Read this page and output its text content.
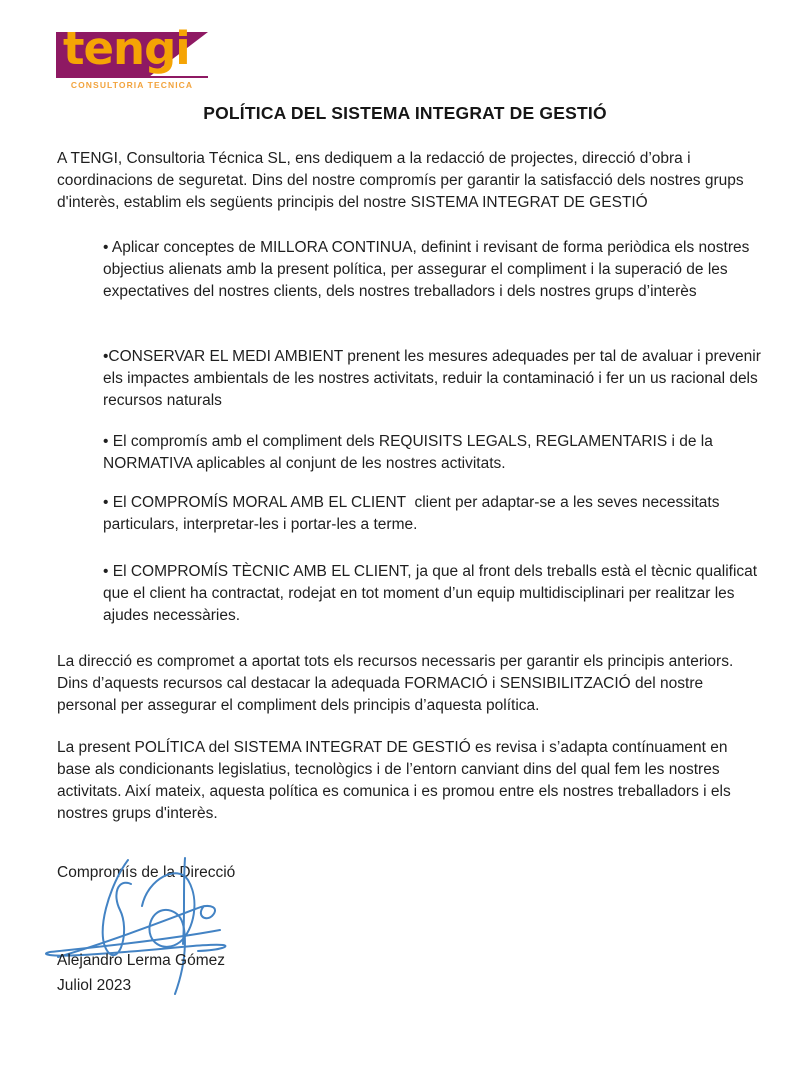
tengi
CONSULTORIA TECNICA
POLÍTICA DEL SISTEMA INTEGRAT DE GESTIÓ

A TENGI, Consultoria Técnica SL, ens dediquem a la redacció de projectes, direcció d’obra i coordinacions de seguretat. Dins del nostre compromís per garantir la satisfacció dels nostres grups d'interès, establim els següents principis del nostre SISTEMA INTEGRAT DE GESTIÓ

• Aplicar conceptes de MILLORA CONTINUA, definint i revisant de forma periòdica els nostres objectius alienats amb la present política, per assegurar el compliment i la superació de les expectatives del nostres clients, dels nostres treballadors i dels nostres grups d’interès

•CONSERVAR EL MEDI AMBIENT prenent les mesures adequades per tal de avaluar i prevenir els impactes ambientals de les nostres activitats, reduir la contaminació i fer un us racional dels recursos naturals

• El compromís amb el compliment dels REQUISITS LEGALS, REGLAMENTARIS i de la NORMATIVA aplicables al conjunt de les nostres activitats.

• El COMPROMÍS MORAL AMB EL CLIENT  client per adaptar-se a les seves necessitats particulars, interpretar-les i portar-les a terme.

• El COMPROMÍS TÈCNIC AMB EL CLIENT, ja que al front dels treballs està el tècnic qualificat que el client ha contractat, rodejat en tot moment d’un equip multidisciplinari per realitzar les ajudes necessàries.

La direcció es compromet a aportat tots els recursos necessaris per garantir els principis anteriors. Dins d’aquests recursos cal destacar la adequada FORMACIÓ i SENSIBILITZACIÓ del nostre personal per assegurar el compliment dels principis d’aquesta política.

La present POLÍTICA del SISTEMA INTEGRAT DE GESTIÓ es revisa i s’adapta contínuament en base als condicionants legislatius, tecnològics i de l’entorn canviant dins del qual fem les nostres activitats. Així mateix, aquesta política es comunica i es promou entre els nostres treballadors i els nostres grups d'interès.

Compromís de la Direcció

Alejandro Lerma Gómez

Juliol 2023
